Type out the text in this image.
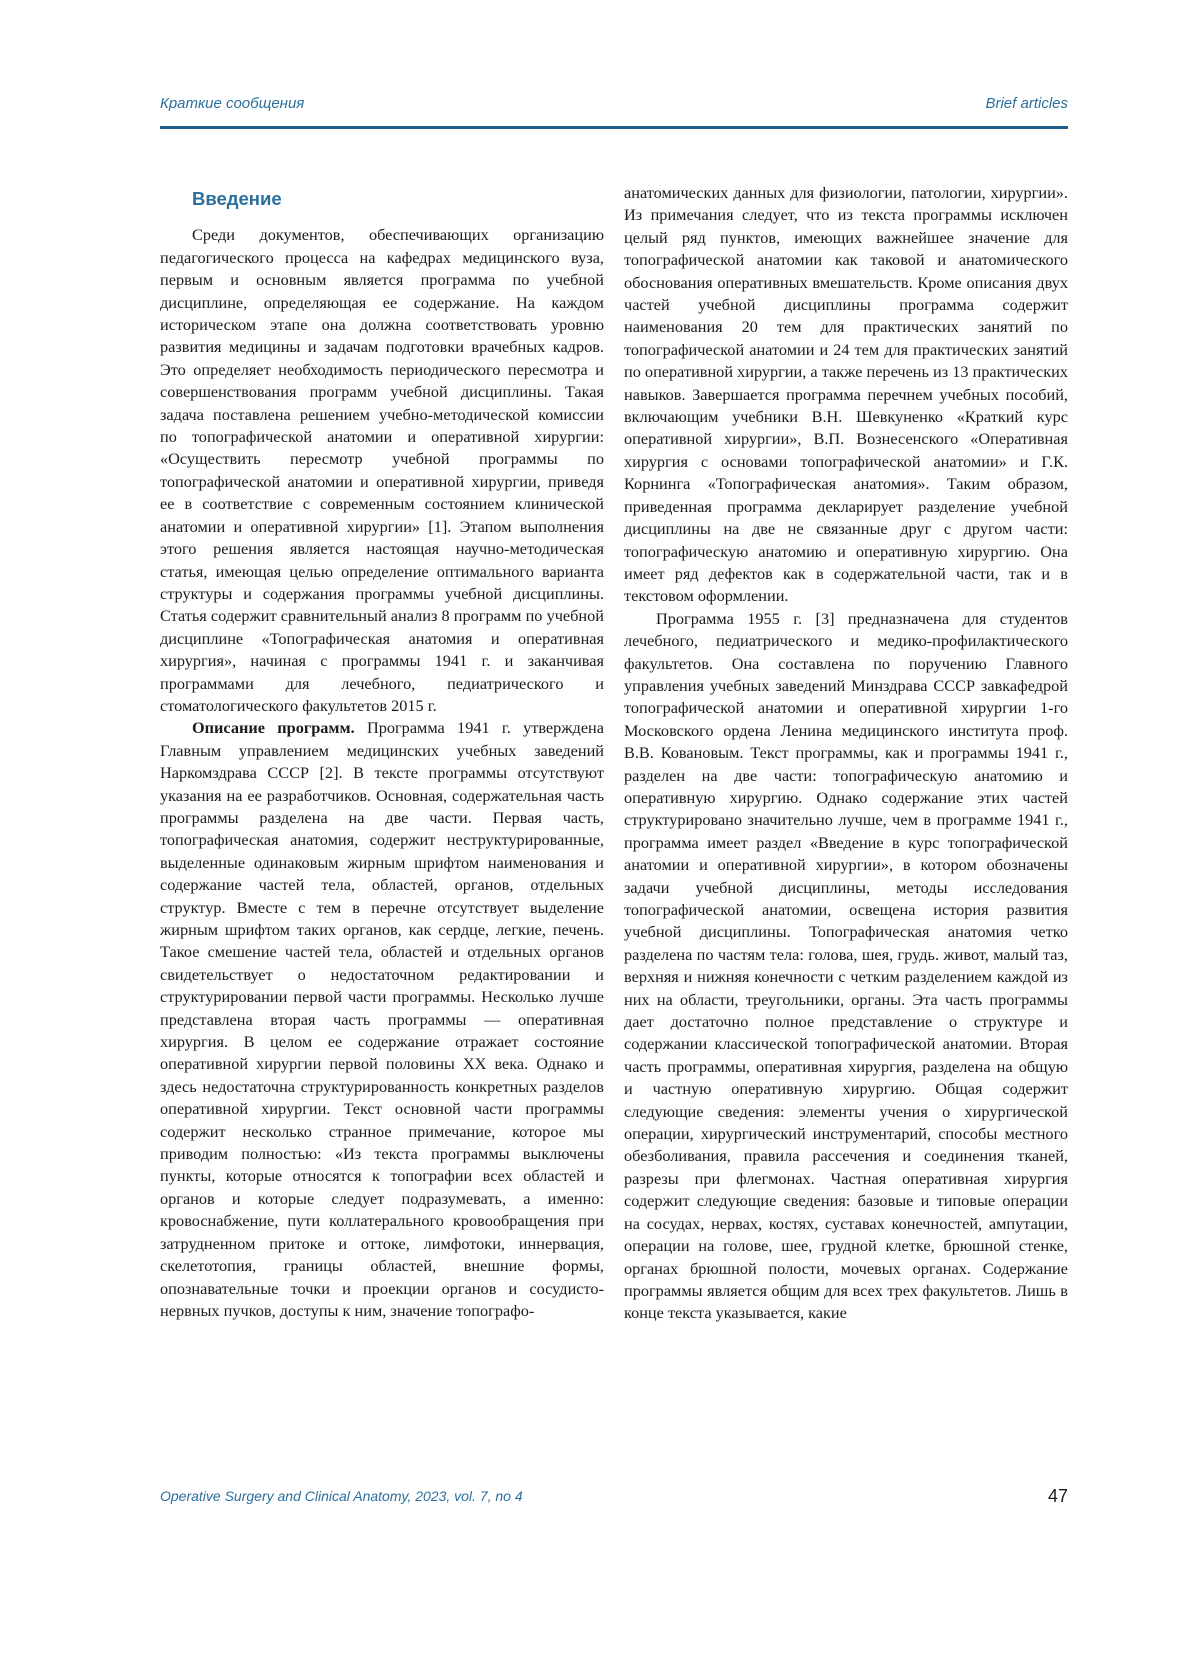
Краткие сообщения	Brief articles
Введение

Среди документов, обеспечивающих организацию педагогического процесса на кафедрах медицинского вуза, первым и основным является программа по учебной дисциплине, определяющая ее содержание. На каждом историческом этапе она должна соответствовать уровню развития медицины и задачам подготовки врачебных кадров. Это определяет необходимость периодического пересмотра и совершенствования программ учебной дисциплины. Такая задача поставлена решением учебно-методической комиссии по топографической анатомии и оперативной хирургии: «Осуществить пересмотр учебной программы по топографической анатомии и оперативной хирургии, приведя ее в соответствие с современным состоянием клинической анатомии и оперативной хирургии» [1]. Этапом выполнения этого решения является настоящая научно-методическая статья, имеющая целью определение оптимального варианта структуры и содержания программы учебной дисциплины. Статья содержит сравнительный анализ 8 программ по учебной дисциплине «Топографическая анатомия и оперативная хирургия», начиная с программы 1941 г. и заканчивая программами для лечебного, педиатрического и стоматологического факультетов 2015 г.

Описание программ. Программа 1941 г. утверждена Главным управлением медицинских учебных заведений Наркомздрава СССР [2]. В тексте программы отсутствуют указания на ее разработчиков. Основная, содержательная часть программы разделена на две части. Первая часть, топографическая анатомия, содержит неструктурированные, выделенные одинаковым жирным шрифтом наименования и содержание частей тела, областей, органов, отдельных структур. Вместе с тем в перечне отсутствует выделение жирным шрифтом таких органов, как сердце, легкие, печень. Такое смешение частей тела, областей и отдельных органов свидетельствует о недостаточном редактировании и структурировании первой части программы. Несколько лучше представлена вторая часть программы — оперативная хирургия. В целом ее содержание отражает состояние оперативной хирургии первой половины XX века. Однако и здесь недостаточна структурированность конкретных разделов оперативной хирургии. Текст основной части программы содержит несколько странное примечание, которое мы приводим полностью: «Из текста программы выключены пункты, которые относятся к топографии всех областей и органов и которые следует подразумевать, а именно: кровоснабжение, пути коллатерального кровообращения при затрудненном притоке и оттоке, лимфотоки, иннервация, скелетотопия, границы областей, внешние формы, опознавательные точки и проекции органов и сосудисто-нервных пучков, доступы к ним, значение топографо-

анатомических данных для физиологии, патологии, хирургии». Из примечания следует, что из текста программы исключен целый ряд пунктов, имеющих важнейшее значение для топографической анатомии как таковой и анатомического обоснования оперативных вмешательств. Кроме описания двух частей учебной дисциплины программа содержит наименования 20 тем для практических занятий по топографической анатомии и 24 тем для практических занятий по оперативной хирургии, а также перечень из 13 практических навыков. Завершается программа перечнем учебных пособий, включающим учебники В.Н. Шевкуненко «Краткий курс оперативной хирургии», В.П. Вознесенского «Оперативная хирургия с основами топографической анатомии» и Г.К. Корнинга «Топографическая анатомия». Таким образом, приведенная программа декларирует разделение учебной дисциплины на две не связанные друг с другом части: топографическую анатомию и оперативную хирургию. Она имеет ряд дефектов как в содержательной части, так и в текстовом оформлении.

Программа 1955 г. [3] предназначена для студентов лечебного, педиатрического и медико-профилактического факультетов. Она составлена по поручению Главного управления учебных заведений Минздрава СССР завкафедрой топографической анатомии и оперативной хирургии 1-го Московского ордена Ленина медицинского института проф. В.В. Ковановым. Текст программы, как и программы 1941 г., разделен на две части: топографическую анатомию и оперативную хирургию. Однако содержание этих частей структурировано значительно лучше, чем в программе 1941 г., программа имеет раздел «Введение в курс топографической анатомии и оперативной хирургии», в котором обозначены задачи учебной дисциплины, методы исследования топографической анатомии, освещена история развития учебной дисциплины. Топографическая анатомия четко разделена по частям тела: голова, шея, грудь. живот, малый таз, верхняя и нижняя конечности с четким разделением каждой из них на области, треугольники, органы. Эта часть программы дает достаточно полное представление о структуре и содержании классической топографической анатомии. Вторая часть программы, оперативная хирургия, разделена на общую и частную оперативную хирургию. Общая содержит следующие сведения: элементы учения о хирургической операции, хирургический инструментарий, способы местного обезболивания, правила рассечения и соединения тканей, разрезы при флегмонах. Частная оперативная хирургия содержит следующие сведения: базовые и типовые операции на сосудах, нервах, костях, суставах конечностей, ампутации, операции на голове, шее, грудной клетке, брюшной стенке, органах брюшной полости, мочевых органах. Содержание программы является общим для всех трех факультетов. Лишь в конце текста указывается, какие

Operative Surgery and Clinical Anatomy, 2023, vol. 7, no 4	47
